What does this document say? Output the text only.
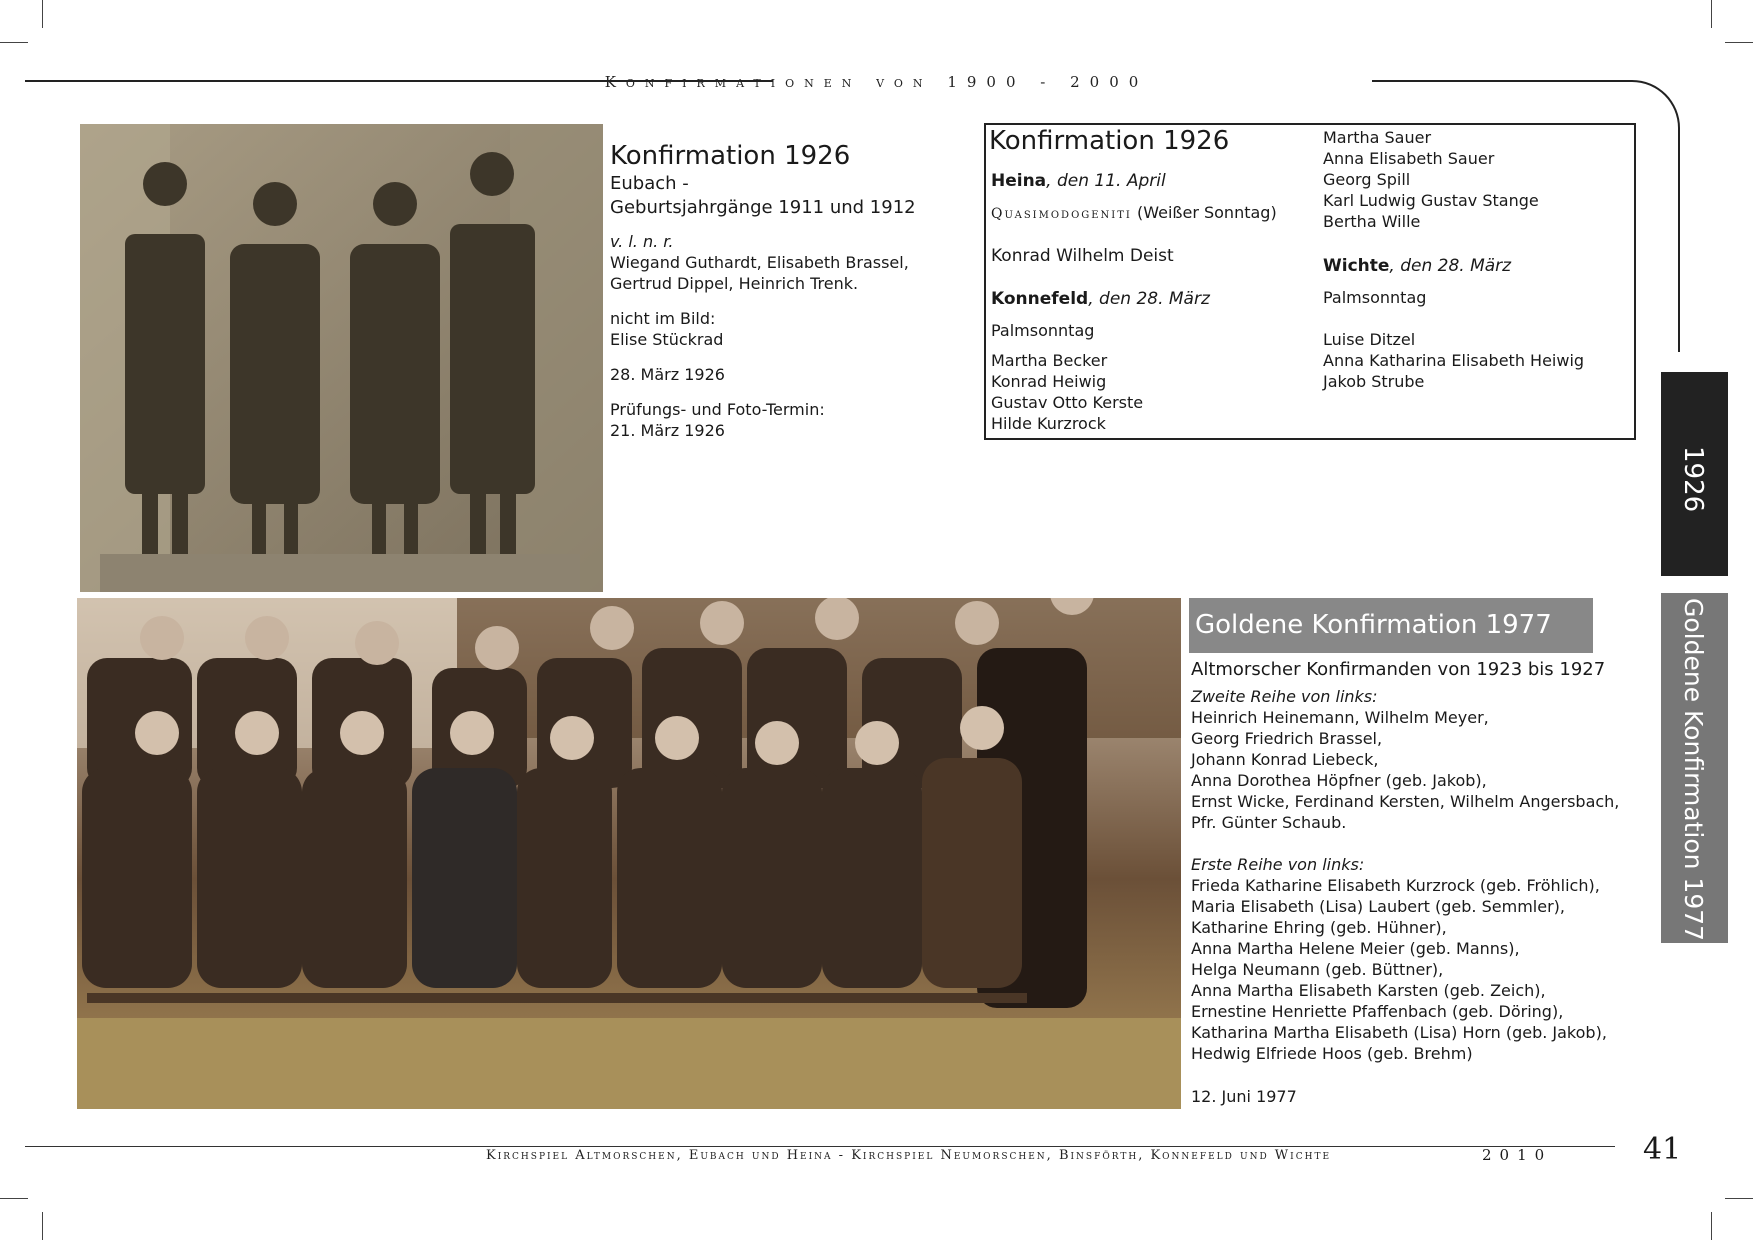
Konfirmationen von 1900 - 2000
Konfirmation 1926
Eubach -
Geburtsjahrgänge 1911 und 1912
v. l. n. r.
Wiegand Guthardt, Elisabeth Brassel,
Gertrud Dippel, Heinrich Trenk.
nicht im Bild:
Elise Stückrad
28. März 1926
Prüfungs- und Foto-Termin:
21. März 1926
Konfirmation 1926
Heina, den 11. April
Quasimodogeniti (Weißer Sonntag)
Konrad Wilhelm Deist
Konnefeld, den 28. März
Palmsonntag
Martha Becker
Konrad Heiwig
Gustav Otto Kerste
Hilde Kurzrock
Martha Sauer
Anna Elisabeth Sauer
Georg Spill
Karl Ludwig Gustav Stange
Bertha Wille
Wichte, den 28. März
Palmsonntag
Luise Ditzel
Anna Katharina Elisabeth Heiwig
Jakob Strube
Goldene Konfirmation 1977
Altmorscher Konfirmanden von 1923 bis 1927
Zweite Reihe von links:
Heinrich Heinemann, Wilhelm Meyer,
Georg Friedrich Brassel,
Johann Konrad Liebeck,
Anna Dorothea Höpfner (geb. Jakob),
Ernst Wicke, Ferdinand Kersten, Wilhelm Angersbach,
Pfr. Günter Schaub.
Erste Reihe von links:
Frieda Katharine Elisabeth Kurzrock (geb. Fröhlich),
Maria Elisabeth (Lisa) Laubert (geb. Semmler),
Katharine Ehring (geb. Hühner),
Anna Martha Helene Meier (geb. Manns),
Helga Neumann (geb. Büttner),
Anna Martha Elisabeth Karsten (geb. Zeich),
Ernestine Henriette Pfaffenbach (geb. Döring),
Katharina Martha Elisabeth (Lisa) Horn (geb. Jakob),
Hedwig Elfriede Hoos (geb. Brehm)
12. Juni 1977
1926
Goldene Konfirmation 1977
Kirchspiel Altmorschen, Eubach und Heina - Kirchspiel Neumorschen, Binsförth, Konnefeld und Wichte	2010	41
